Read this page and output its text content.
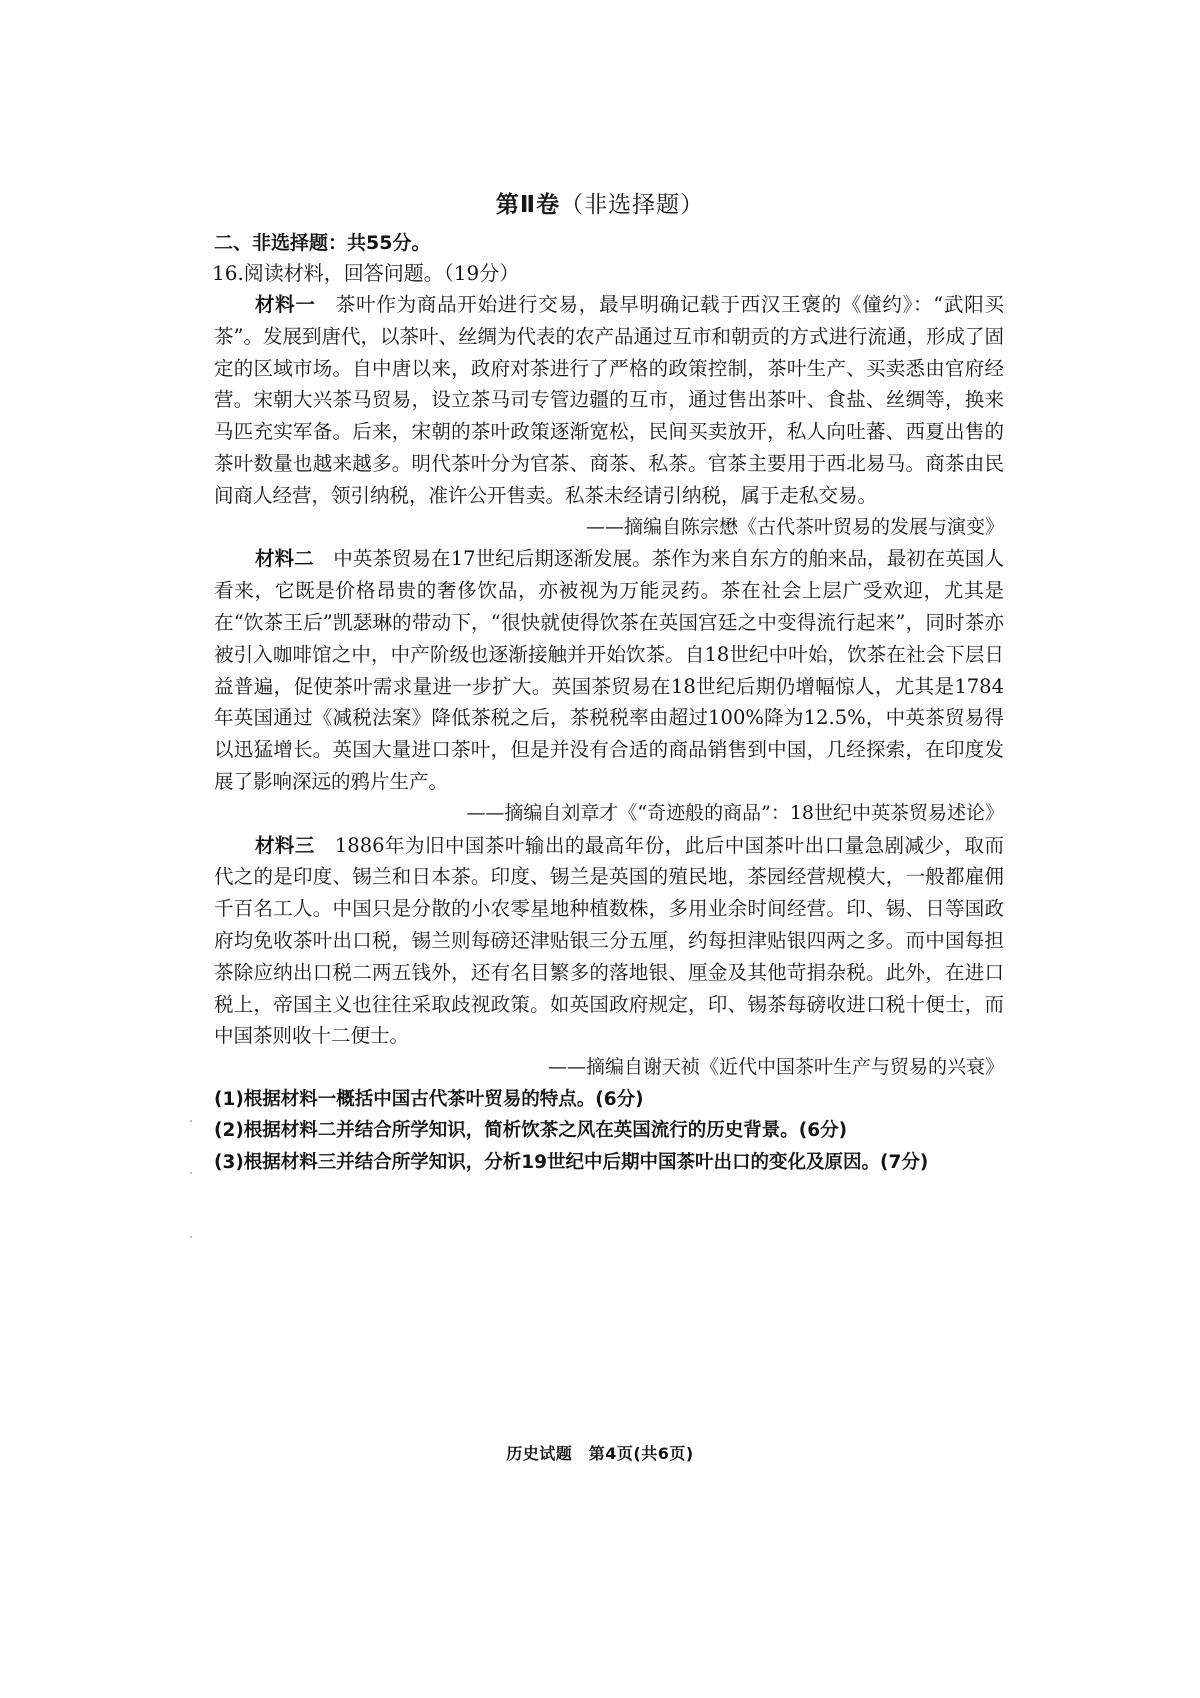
第Ⅱ卷（非选择题）
二、非选择题：共55分。
16.阅读材料，回答问题。（19分）

材料一　 茶叶作为商品开始进行交易，最早明确记载于西汉王褒的《僮约》：“武阳买茶”。发展到唐代，以茶叶、丝绸为代表的农产品通过互市和朝贡的方式进行流通，形成了固定的区域市场。自中唐以来，政府对茶进行了严格的政策控制，茶叶生产、买卖悉由官府经营。宋朝大兴茶马贸易，设立茶马司专管边疆的互市，通过售出茶叶、食盐、丝绸等，换来马匹充实军备。后来，宋朝的茶叶政策逐渐宽松，民间买卖放开，私人向吐蕃、西夏出售的茶叶数量也越来越多。明代茶叶分为官茶、商茶、私茶。官茶主要用于西北易马。商茶由民间商人经营，领引纳税，准许公开售卖。私茶未经请引纳税，属于走私交易。

——摘编自陈宗懋《古代茶叶贸易的发展与演变》

材料二　 中英茶贸易在17世纪后期逐渐发展。茶作为来自东方的舶来品，最初在英国人看来，它既是价格昂贵的奢侈饮品，亦被视为万能灵药。茶在社会上层广受欢迎，尤其是在“饮茶王后”凯瑟琳的带动下，“很快就使得饮茶在英国宫廷之中变得流行起来”，同时茶亦被引入咖啡馆之中，中产阶级也逐渐接触并开始饮茶。自18世纪中叶始，饮茶在社会下层日益普遍，促使茶叶需求量进一步扩大。英国茶贸易在18世纪后期仍增幅惊人，尤其是1784年英国通过《减税法案》降低茶税之后，茶税税率由超过100%降为12.5%，中英茶贸易得以迅猛增长。英国大量进口茶叶，但是并没有合适的商品销售到中国，几经探索，在印度发展了影响深远的鸦片生产。

——摘编自刘章才《“奇迹般的商品”：18世纪中英茶贸易述论》

材料三　 1886年为旧中国茶叶输出的最高年份，此后中国茶叶出口量急剧减少，取而代之的是印度、锡兰和日本茶。印度、锡兰是英国的殖民地，茶园经营规模大，一般都雇佣千百名工人。中国只是分散的小农零星地种植数株，多用业余时间经营。印、锡、日等国政府均免收茶叶出口税，锡兰则每磅还津贴银三分五厘，约每担津贴银四两之多。而中国每担茶除应纳出口税二两五钱外，还有名目繁多的落地银、厘金及其他苛捐杂税。此外，在进口税上，帝国主义也往往采取歧视政策。如英国政府规定，印、锡茶每磅收进口税十便士，而中国茶则收十二便士。

——摘编自谢天祯《近代中国茶叶生产与贸易的兴衰》

(1)根据材料一概括中国古代茶叶贸易的特点。(6分)

(2)根据材料二并结合所学知识，简析饮茶之风在英国流行的历史背景。(6分)

(3)根据材料三并结合所学知识，分析19世纪中后期中国茶叶出口的变化及原因。(7分)

历史试题　第4页(共6页)
